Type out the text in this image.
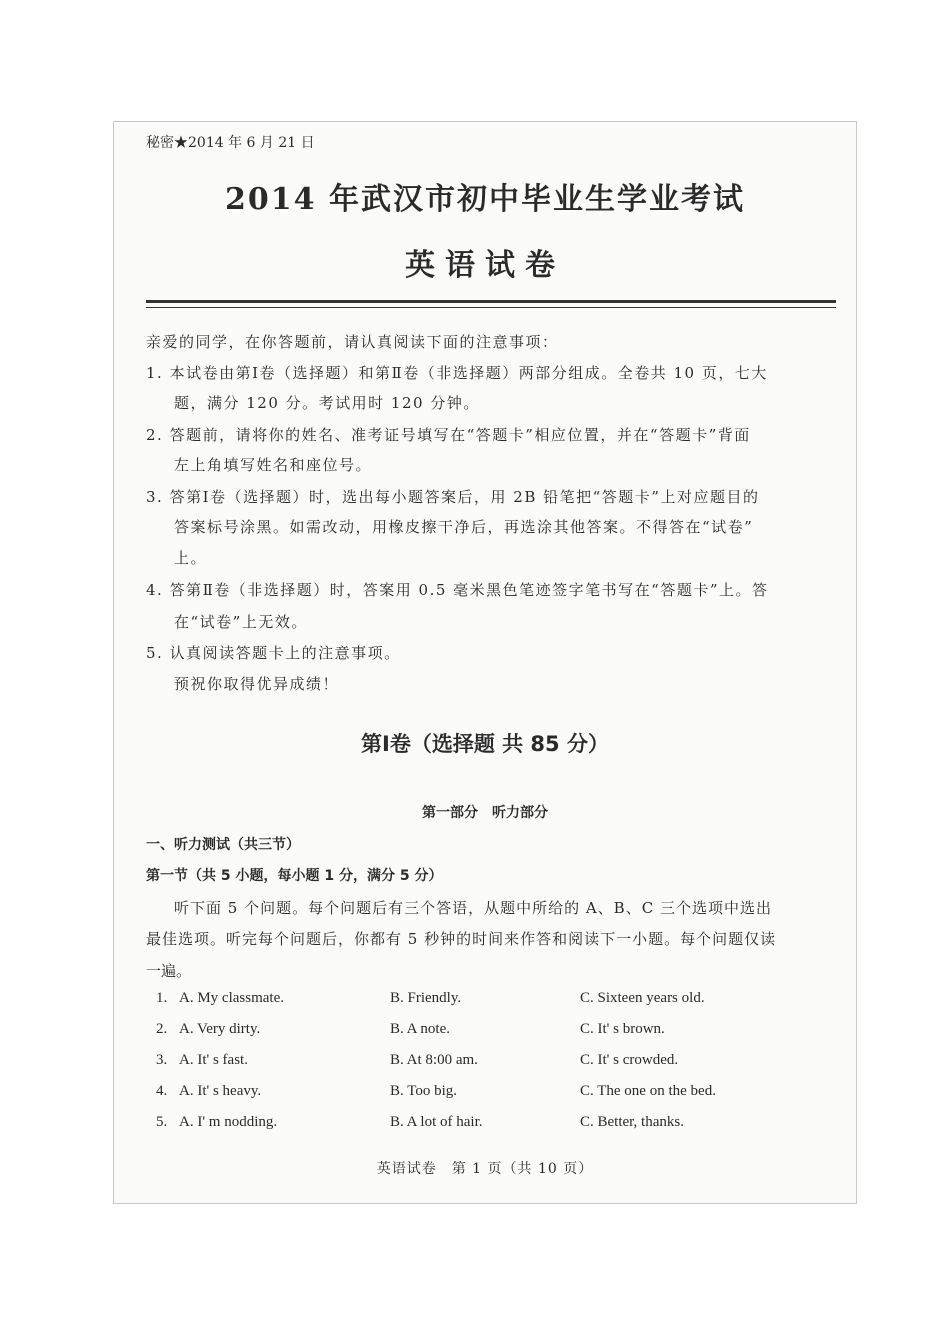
秘密★2014 年 6 月 21 日
2014 年武汉市初中毕业生学业考试
英语试卷
亲爱的同学，在你答题前，请认真阅读下面的注意事项：
1. 本试卷由第Ⅰ卷（选择题）和第Ⅱ卷（非选择题）两部分组成。全卷共 10 页，七大
题，满分 120 分。考试用时 120 分钟。
2. 答题前，请将你的姓名、准考证号填写在“答题卡”相应位置，并在“答题卡”背面
左上角填写姓名和座位号。
3. 答第Ⅰ卷（选择题）时，选出每小题答案后，用 2B 铅笔把“答题卡”上对应题目的
答案标号涂黑。如需改动，用橡皮擦干净后，再选涂其他答案。不得答在“试卷”
上。
4. 答第Ⅱ卷（非选择题）时，答案用 0.5 毫米黑色笔迹签字笔书写在“答题卡”上。答
在“试卷”上无效。
5. 认真阅读答题卡上的注意事项。
预祝你取得优异成绩！
第Ⅰ卷（选择题 共 85 分）
第一部分　听力部分
一、听力测试（共三节）
第一节（共 5 小题，每小题 1 分，满分 5 分）
听下面 5 个问题。每个问题后有三个答语，从题中所给的 A、B、C 三个选项中选出
最佳选项。听完每个问题后，你都有 5 秒钟的时间来作答和阅读下一小题。每个问题仅读
一遍。
1. A. My classmate.	B. Friendly.	C. Sixteen years old.
2. A. Very dirty.	B. A note.	C. It' s brown.
3. A. It' s fast.	B. At 8:00 am.	C. It' s crowded.
4. A. It' s heavy.	B. Too big.	C. The one on the bed.
5. A. I' m nodding.	B. A lot of hair.	C. Better, thanks.
英语试卷　第 1 页（共 10 页）
